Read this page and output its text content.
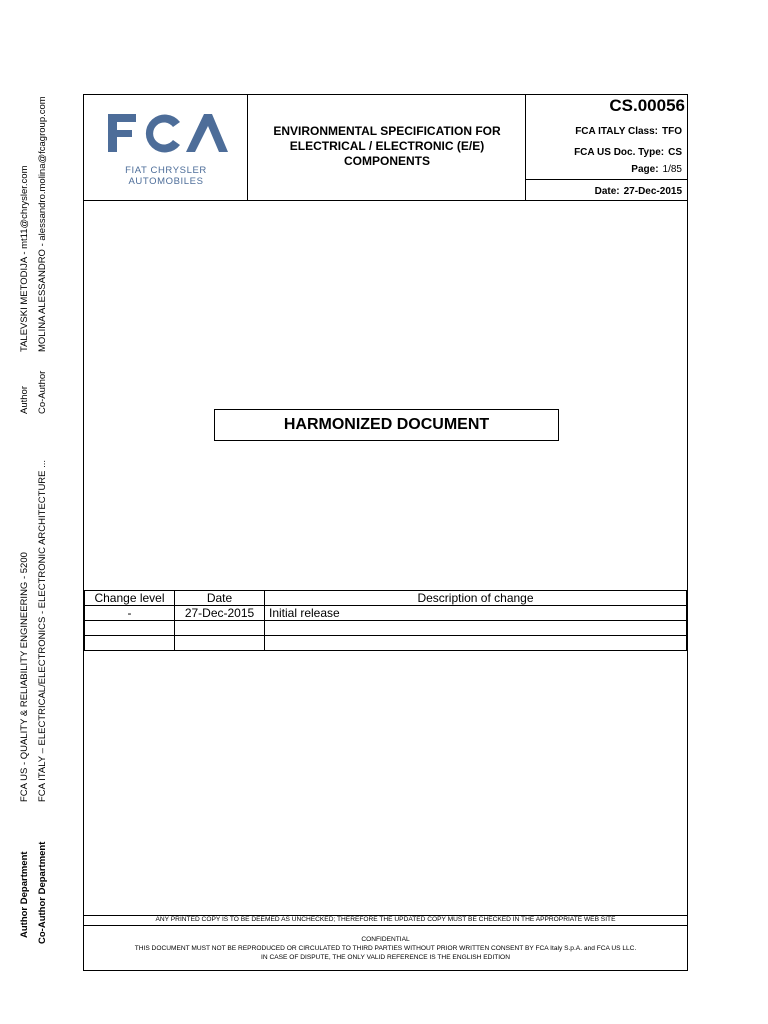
Author Department Co-Author Department
FCA US - QUALITY & RELIABILITY ENGINEERING - 5200 FCA ITALY – ELECTRICAL/ELECTRONICS - ELECTRONIC ARCHITECTURE ...
Author Co-Author
TALEVSKI METODIJA - mt11@chrysler.com MOLINA ALESSANDRO - alessandro.molina@fcagroup.com	FIAT CHRYSLER AUTOMOBILES
ENVIRONMENTAL SPECIFICATION FOR
ELECTRICAL / ELECTRONIC (E/E)
COMPONENTS
CS.00056
FCA ITALY Class: TFO
FCA US Doc. Type: CS
Page: 1/85
Date: 27-Dec-2015
HARMONIZED DOCUMENT
Change level	Date	Description of change
-	27-Dec-2015	Initial release

ANY PRINTED COPY IS TO BE DEEMED AS UNCHECKED; THEREFORE THE UPDATED COPY MUST BE CHECKED IN THE APPROPRIATE WEB SITE
CONFIDENTIAL
THIS DOCUMENT MUST NOT BE REPRODUCED OR CIRCULATED TO THIRD PARTIES WITHOUT PRIOR WRITTEN CONSENT BY FCA Italy S.p.A. and FCA US LLC.
IN CASE OF DISPUTE, THE ONLY VALID REFERENCE IS THE ENGLISH EDITION
